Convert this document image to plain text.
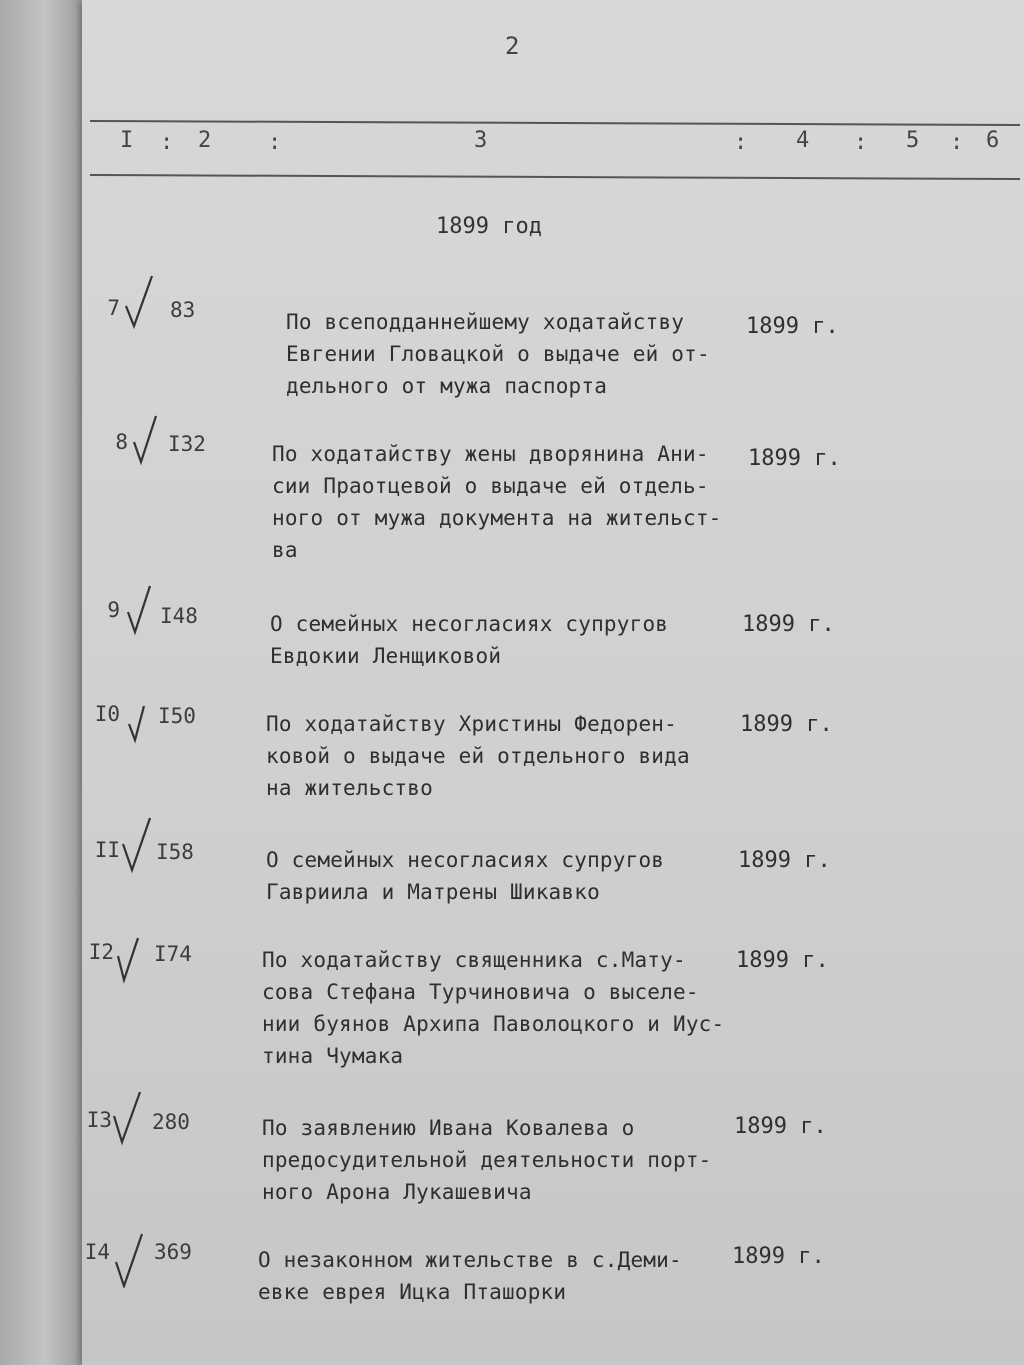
2
I : 2	:	3	: 4 : 5 : 6
1899 год
7 83	По всеподданнейшему ходатайству
Евгении Гловацкой о выдаче ей от-
дельного от мужа паспорта
1899 г.
8 I32	По ходатайству жены дворянина Ани-
сии Праотцевой о выдаче ей отдель-
ного от мужа документа на жительст-
ва
1899 г.
9 I48	О семейных несогласиях супругов
Евдокии Ленщиковой
1899 г.
I0 I50	По ходатайству Христины Федорен-
ковой о выдаче ей отдельного вида
на жительство
1899 г.
II I58	О семейных несогласиях супругов
Гавриила и Матрены Шикавко
1899 г.
I2 I74	По ходатайству священника с.Мату-
сова Стефана Турчиновича о выселе-
нии буянов Архипа Паволоцкого и Иус-
тина Чумака
1899 г.
I3 280	По заявлению Ивана Ковалева о
предосудительной деятельности порт-
ного Арона Лукашевича
1899 г.
I4 369	О незаконном жительстве в с.Деми-
евке еврея Ицка Пташорки
1899 г.
